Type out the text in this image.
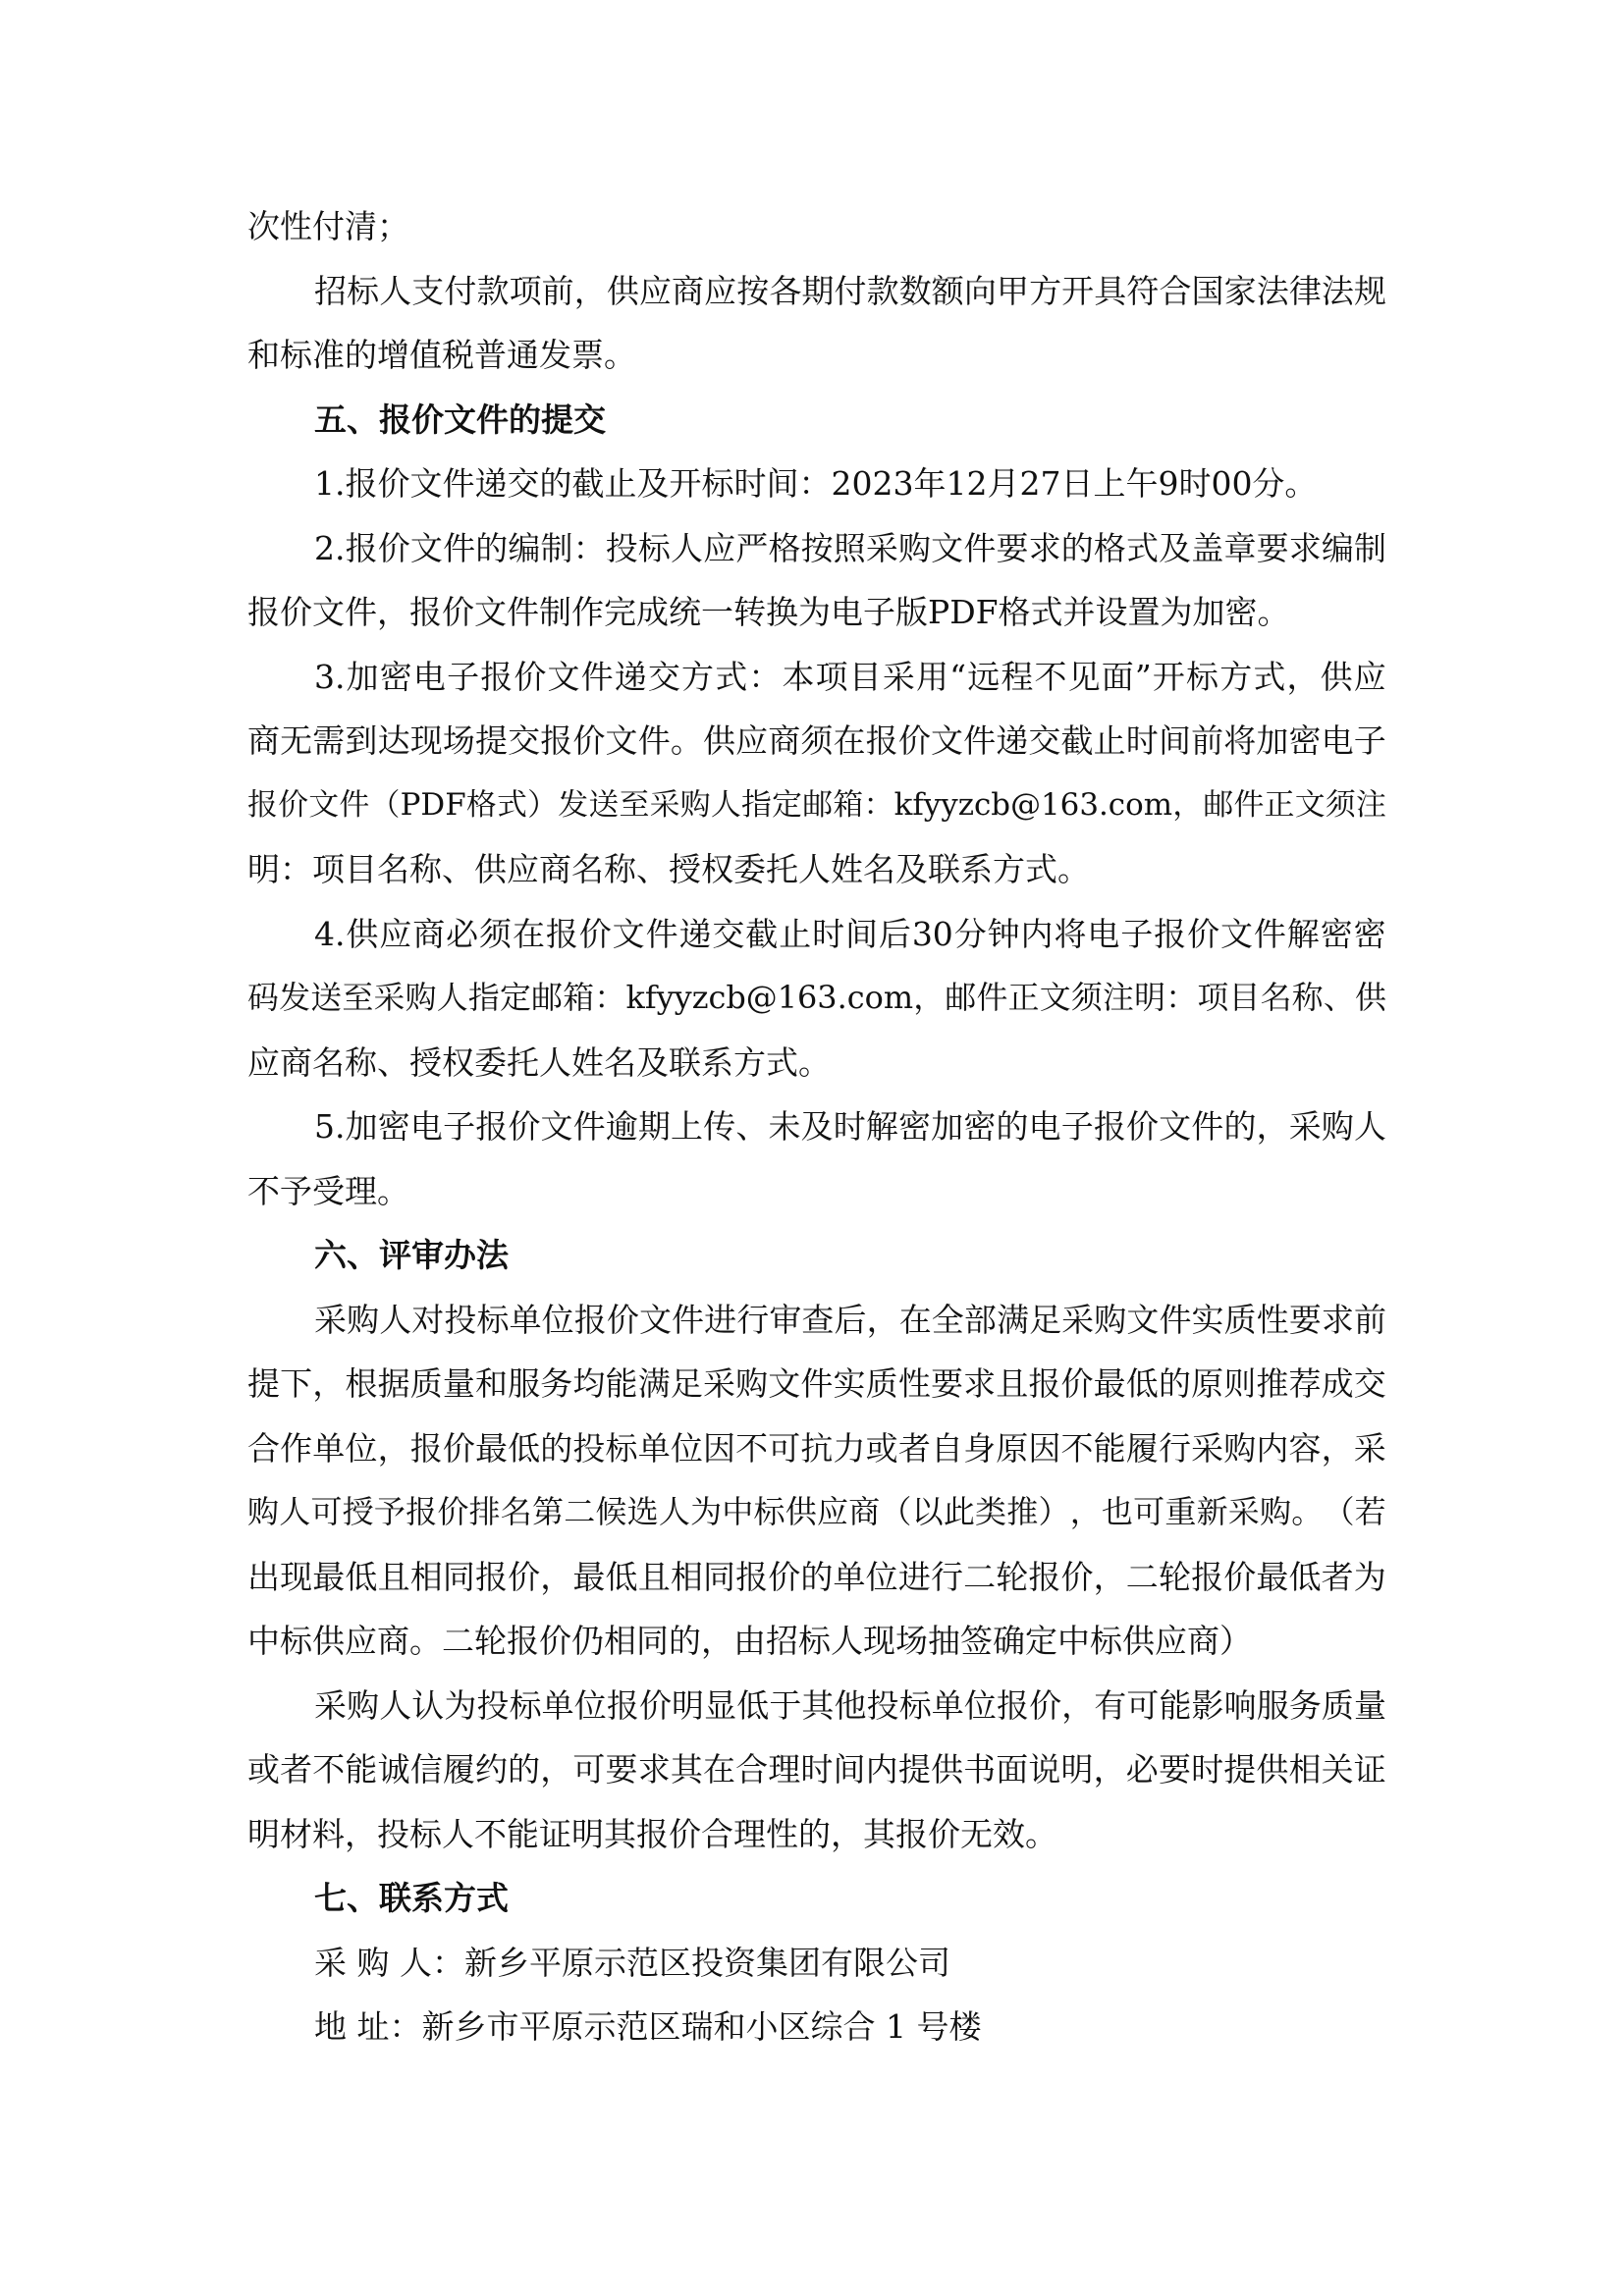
次性付清；
招 标 人 支 付 款 项 前 ， 供 应 商 应 按 各 期 付 款 数 额 向 甲 方 开 具 符 合 国 家 法 律 法 规
和标准的增值税普通发票。
五、报价文件的提交
1.报价文件递交的截止及开标时间：2023年12月27日上午9时00分。
2. 报 价 文 件 的 编 制 ： 投 标 人 应 严 格 按 照 采 购 文 件 要 求 的 格 式 及 盖 章 要 求 编 制
报价文件，报价文件制作完成统一转换为电子版PDF格式并设置为加密。
3. 加 密 电 子 报 价 文 件 递 交 方 式 ： 本 项 目 采 用 “ 远 程 不 见 面 ” 开 标 方 式 ， 供 应
商 无 需 到 达 现 场 提 交 报 价 文 件 。 供 应 商 须 在 报 价 文 件 递 交 截 止 时 间 前 将 加 密 电 子
报 价 文 件 （ PDF 格 式 ） 发 送 至 采 购 人 指 定 邮 箱 ： kfyyzcb@163.com ， 邮 件 正 文 须 注
明：项目名称、供应商名称、授权委托人姓名及联系方式。
4. 供 应 商 必 须 在 报 价 文 件 递 交 截 止 时 间 后 30 分 钟 内 将 电 子 报 价 文 件 解 密 密
码 发 送 至 采 购 人 指 定 邮 箱 ： kfyyzcb@163.com ， 邮 件 正 文 须 注 明 ： 项 目 名 称 、 供
应商名称、授权委托人姓名及联系方式。
5. 加 密 电 子 报 价 文 件 逾 期 上 传 、 未 及 时 解 密 加 密 的 电 子 报 价 文 件 的 ， 采 购 人
不予受理。
六、评审办法
采 购 人 对 投 标 单 位 报 价 文 件 进 行 审 查 后 ， 在 全 部 满 足 采 购 文 件 实 质 性 要 求 前
提 下 ， 根 据 质 量 和 服 务 均 能 满 足 采 购 文 件 实 质 性 要 求 且 报 价 最 低 的 原 则 推 荐 成 交
合 作 单 位 ， 报 价 最 低 的 投 标 单 位 因 不 可 抗 力 或 者 自 身 原 因 不 能 履 行 采 购 内 容 ， 采
购 人 可 授 予 报 价 排 名 第 二 候 选 人 为 中 标 供 应 商 （ 以 此 类 推 ） ， 也 可 重 新 采 购 。 （ 若
出 现 最 低 且 相 同 报 价 ， 最 低 且 相 同 报 价 的 单 位 进 行 二 轮 报 价 ， 二 轮 报 价 最 低 者 为
中标供应商。二轮报价仍相同的，由招标人现场抽签确定中标供应商）
采 购 人 认 为 投 标 单 位 报 价 明 显 低 于 其 他 投 标 单 位 报 价 ， 有 可 能 影 响 服 务 质 量
或 者 不 能 诚 信 履 约 的 ， 可 要 求 其 在 合 理 时 间 内 提 供 书 面 说 明 ， 必 要 时 提 供 相 关 证
明材料，投标人不能证明其报价合理性的，其报价无效。
七、联系方式
采 购 人：新乡平原示范区投资集团有限公司
地 址：新乡市平原示范区瑞和小区综合 1 号楼
